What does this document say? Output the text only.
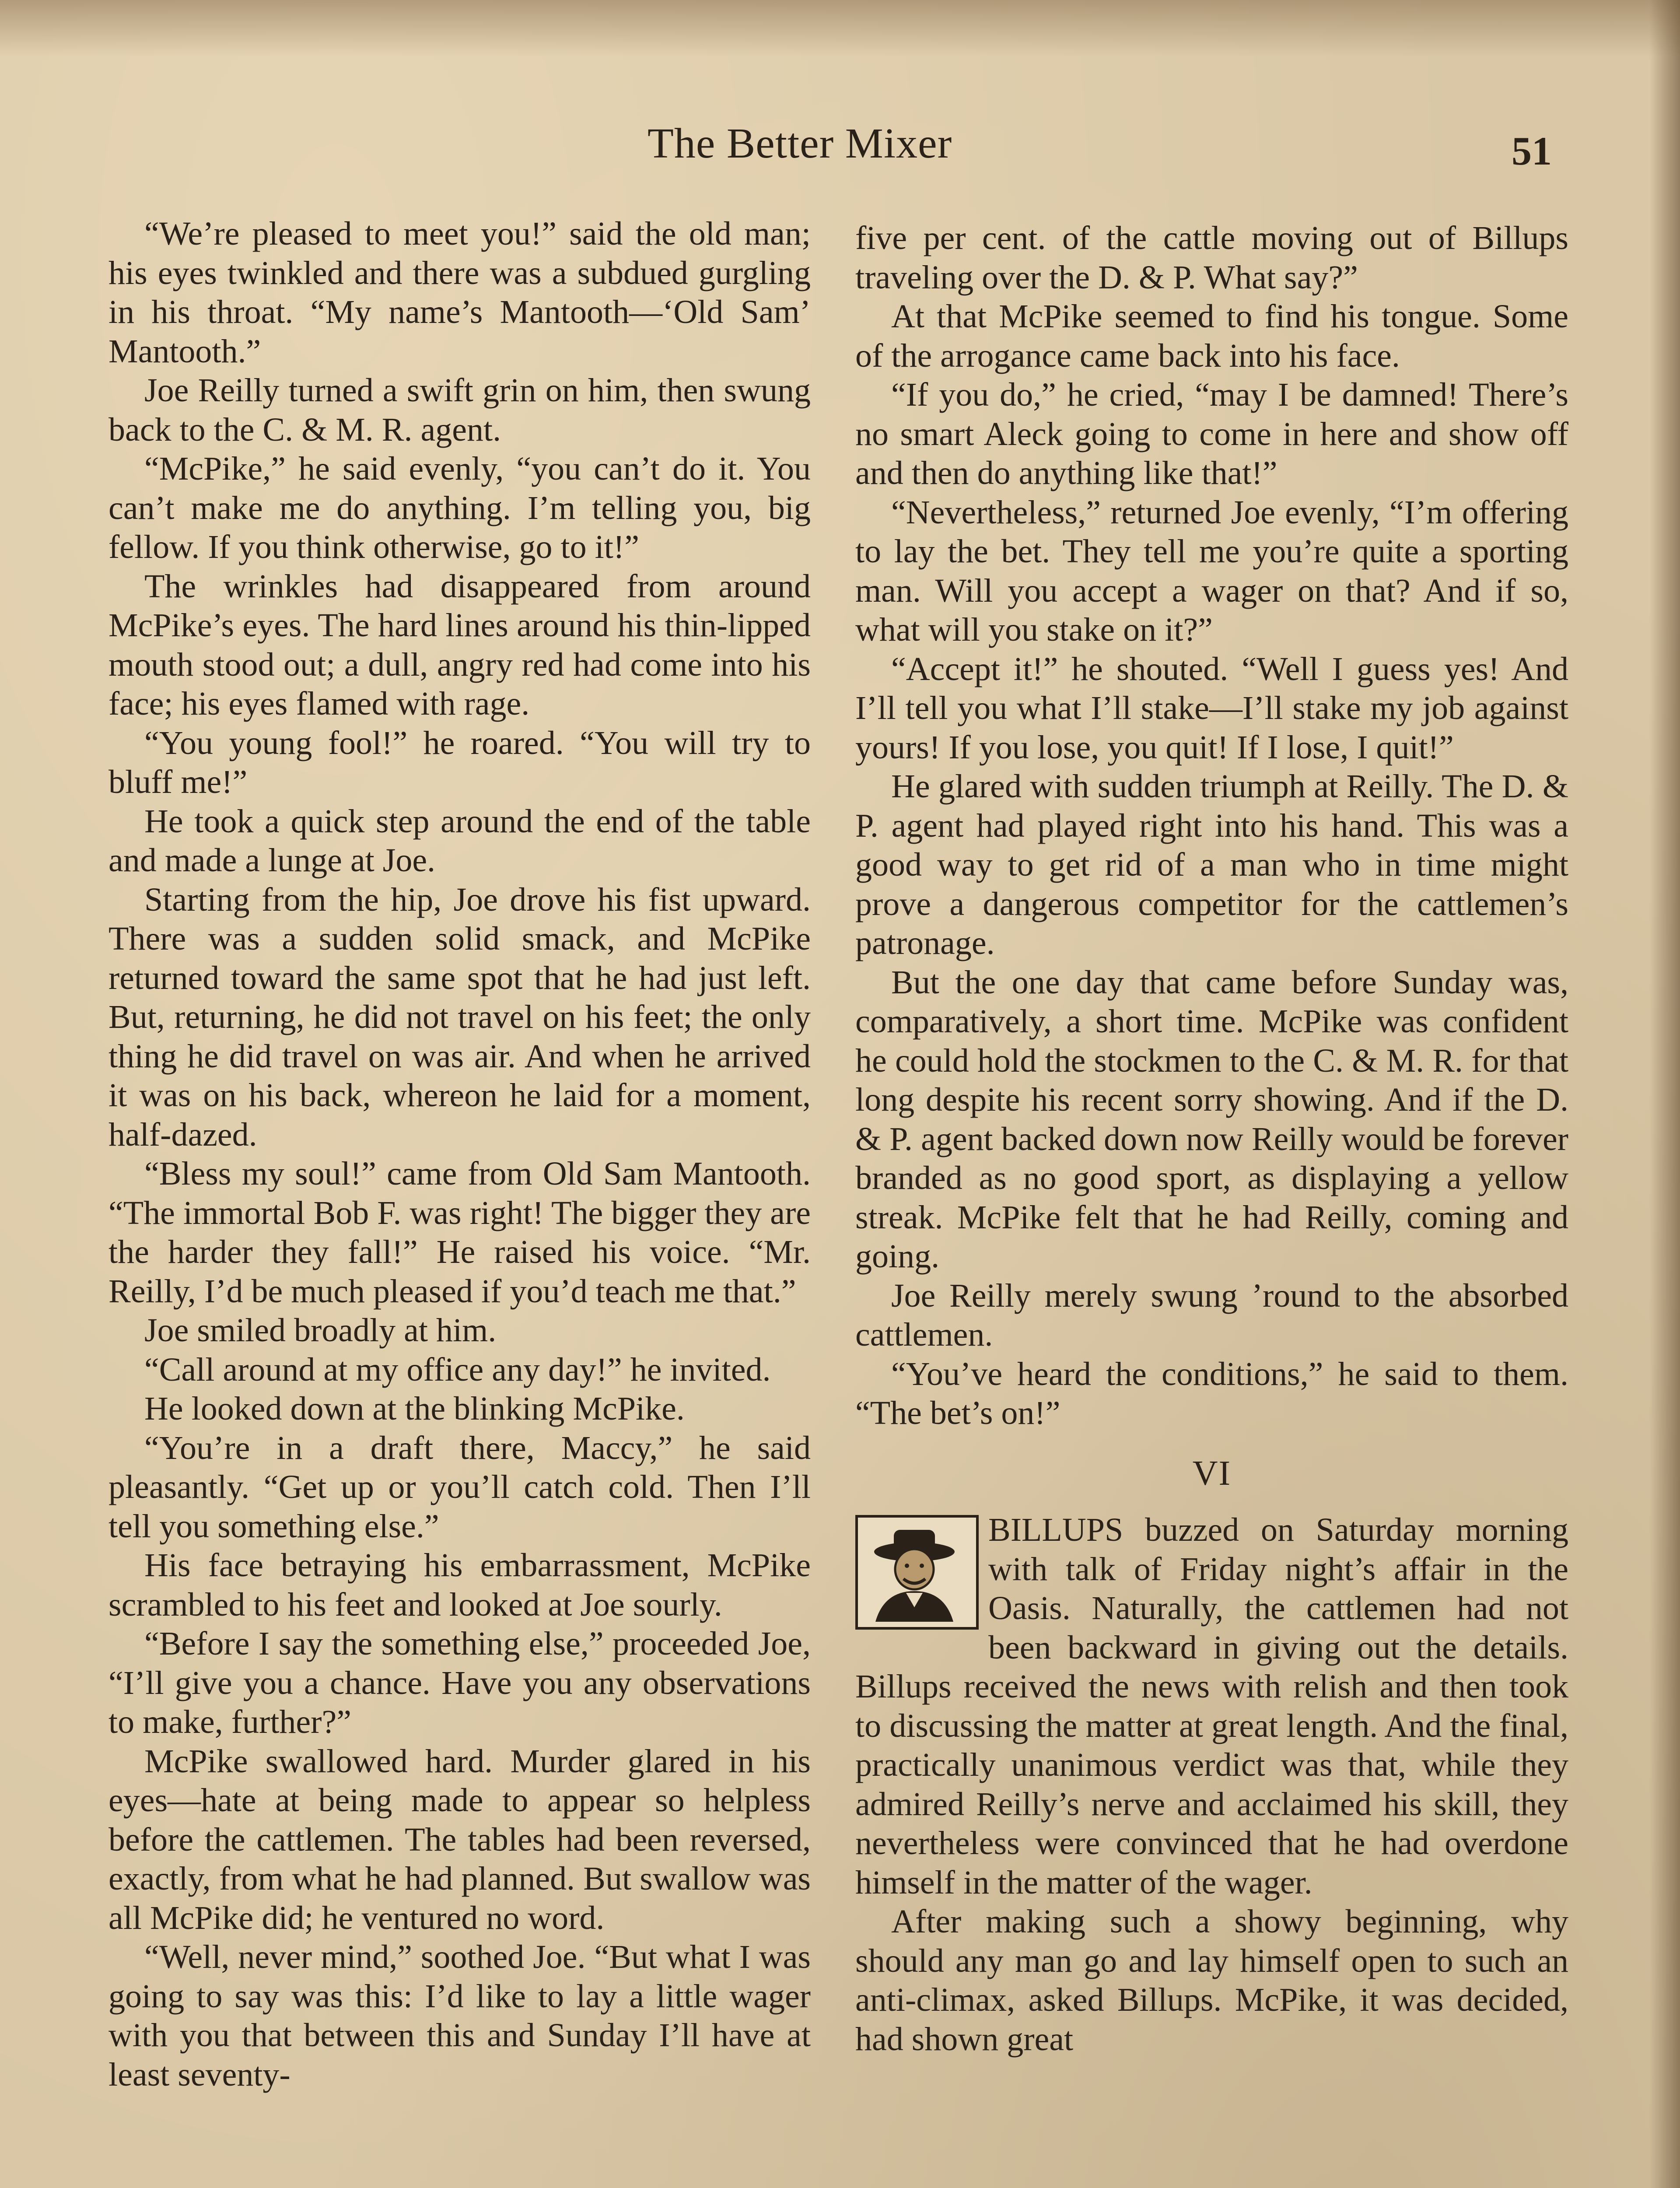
The Better Mixer	51

“We’re pleased to meet you!” said the old man; his eyes twinkled and there was a subdued gurgling in his throat. “My name’s Mantooth—‘Old Sam’ Mantooth.”

Joe Reilly turned a swift grin on him, then swung back to the C. & M. R. agent.

“McPike,” he said evenly, “you can’t do it. You can’t make me do anything. I’m telling you, big fellow. If you think otherwise, go to it!”

The wrinkles had disappeared from around McPike’s eyes. The hard lines around his thin-lipped mouth stood out; a dull, angry red had come into his face; his eyes flamed with rage.

“You young fool!” he roared. “You will try to bluff me!”

He took a quick step around the end of the table and made a lunge at Joe.

Starting from the hip, Joe drove his fist upward. There was a sudden solid smack, and McPike returned toward the same spot that he had just left. But, returning, he did not travel on his feet; the only thing he did travel on was air. And when he arrived it was on his back, whereon he laid for a moment, half-dazed.

“Bless my soul!” came from Old Sam Mantooth. “The immortal Bob F. was right! The bigger they are the harder they fall!” He raised his voice. “Mr. Reilly, I’d be much pleased if you’d teach me that.”

Joe smiled broadly at him.

“Call around at my office any day!” he invited.

He looked down at the blinking McPike.

“You’re in a draft there, Maccy,” he said pleasantly. “Get up or you’ll catch cold. Then I’ll tell you something else.”

His face betraying his embarrassment, McPike scrambled to his feet and looked at Joe sourly.

“Before I say the something else,” proceeded Joe, “I’ll give you a chance. Have you any observations to make, further?”

McPike swallowed hard. Murder glared in his eyes—hate at being made to appear so helpless before the cattlemen. The tables had been reversed, exactly, from what he had planned. But swallow was all McPike did; he ventured no word.

“Well, never mind,” soothed Joe. “But what I was going to say was this: I’d like to lay a little wager with you that between this and Sunday I’ll have at least seventy-

five per cent. of the cattle moving out of Billups traveling over the D. & P. What say?”

At that McPike seemed to find his tongue. Some of the arrogance came back into his face.

“If you do,” he cried, “may I be damned! There’s no smart Aleck going to come in here and show off and then do anything like that!”

“Nevertheless,” returned Joe evenly, “I’m offering to lay the bet. They tell me you’re quite a sporting man. Will you accept a wager on that? And if so, what will you stake on it?”

“Accept it!” he shouted. “Well I guess yes! And I’ll tell you what I’ll stake—I’ll stake my job against yours! If you lose, you quit! If I lose, I quit!”

He glared with sudden triumph at Reilly. The D. & P. agent had played right into his hand. This was a good way to get rid of a man who in time might prove a dangerous competitor for the cattlemen’s patronage.

But the one day that came before Sunday was, comparatively, a short time. McPike was confident he could hold the stockmen to the C. & M. R. for that long despite his recent sorry showing. And if the D. & P. agent backed down now Reilly would be forever branded as no good sport, as displaying a yellow streak. McPike felt that he had Reilly, coming and going.

Joe Reilly merely swung ’round to the absorbed cattlemen.

“You’ve heard the conditions,” he said to them. “The bet’s on!”

VI

BILLUPS buzzed on Saturday morning with talk of Friday night’s affair in the Oasis. Naturally, the cattlemen had not been backward in giving out the details. Billups received the news with relish and then took to discussing the matter at great length. And the final, practically unanimous verdict was that, while they admired Reilly’s nerve and acclaimed his skill, they nevertheless were convinced that he had overdone himself in the matter of the wager.

After making such a showy beginning, why should any man go and lay himself open to such an anti-climax, asked Billups. McPike, it was decided, had shown great
